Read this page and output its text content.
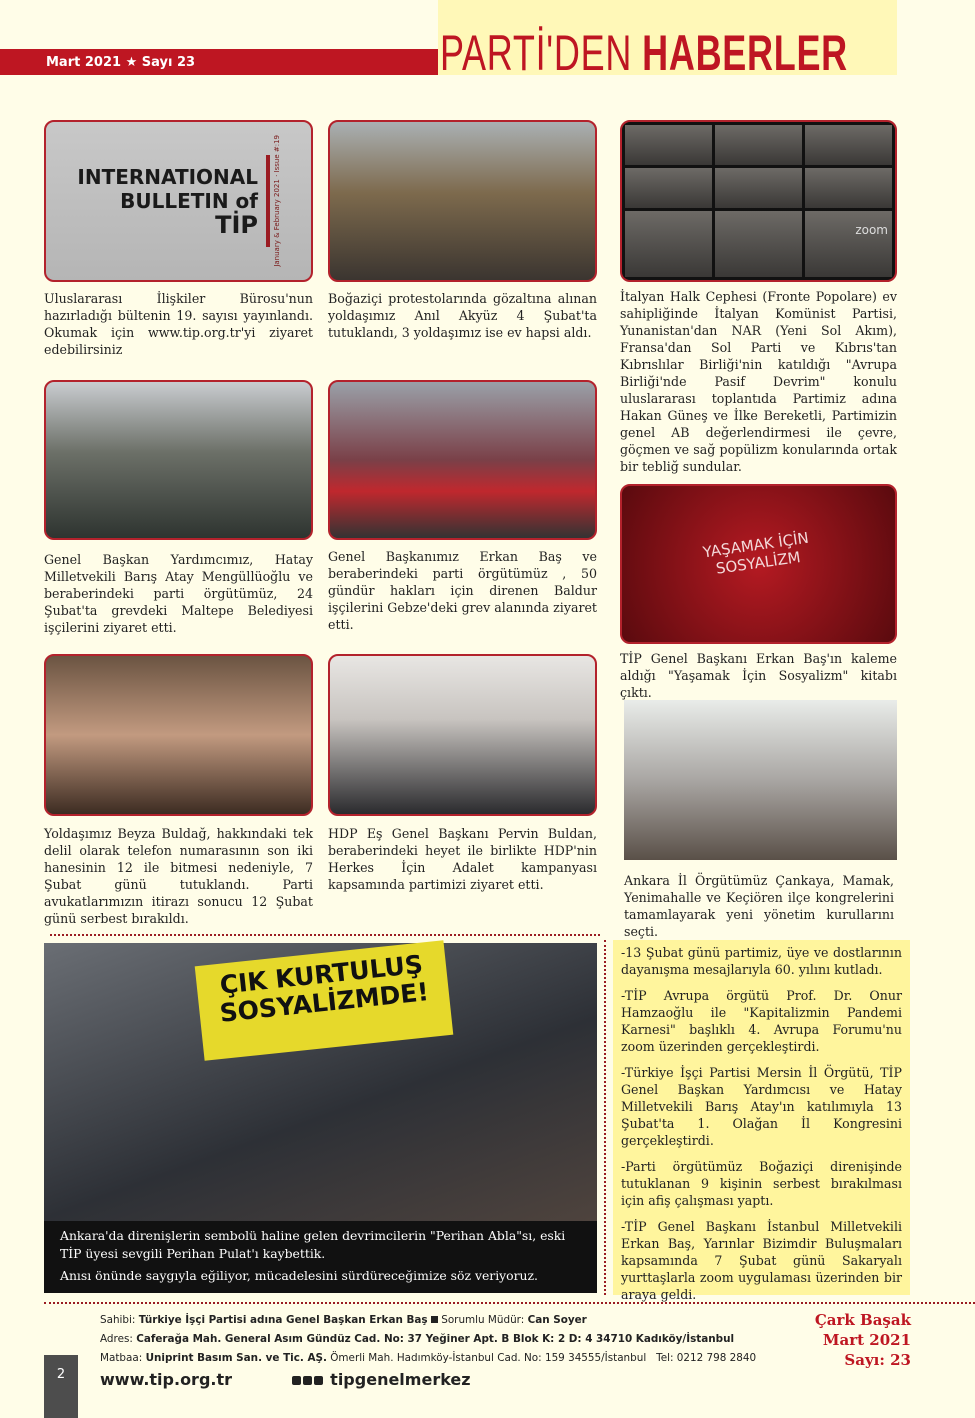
Mart 2021 ★ Sayı 23	PARTİ'DEN HABERLER
INTERNATIONAL
BULLETIN of
TİP January & February 2021 · Issue #:19
zoom

Uluslararası İlişkiler Bürosu'nun hazırladığı bültenin 19. sayısı yayınlandı. Okumak için www.tip.org.tr'yi ziyaret edebilirsiniz

Boğaziçi protestolarında gözaltına alınan yoldaşımız Anıl Akyüz 4 Şubat'ta tutuklandı, 3 yoldaşımız ise ev hapsi aldı.

İtalyan Halk Cephesi (Fronte Popolare) ev sahipliğinde İtalyan Komünist Partisi, Yunanistan'dan NAR (Yeni Sol Akım), Fransa'dan Sol Parti ve Kıbrıs'tan Kıbrıslılar Birliği'nin katıldığı "Avrupa Birliği'nde Pasif Devrim" konulu uluslararası toplantıda Partimiz adına Hakan Güneş ve İlke Bereketli, Partimizin genel AB değerlendirmesi ile çevre, göçmen ve sağ popülizm konularında ortak bir tebliğ sundular.

YAŞAMAK İÇİN SOSYALİZM

Genel Başkan Yardımcımız, Hatay Milletvekili Barış Atay Mengüllüoğlu ve beraberindeki parti örgütümüz, 24 Şubat'ta grevdeki Maltepe Belediyesi işçilerini ziyaret etti.

Genel Başkanımız Erkan Baş ve beraberindeki parti örgütümüz , 50 gündür hakları için direnen Baldur işçilerini Gebze'deki grev alanında ziyaret etti.

TİP Genel Başkanı Erkan Baş'ın kaleme aldığı "Yaşamak İçin Sosyalizm" kitabı çıktı.

Yoldaşımız Beyza Buldağ, hakkındaki tek delil olarak telefon numarasının son iki hanesinin 12 ile bitmesi nedeniyle, 7 Şubat günü tutuklandı. Parti avukatlarımızın itirazı sonucu 12 Şubat günü serbest bırakıldı.

HDP Eş Genel Başkanı Pervin Buldan, beraberindeki heyet ile birlikte HDP'nin Herkes İçin Adalet kampanyası kapsamında partimizi ziyaret etti.	Ankara İl Örgütümüz Çankaya, Mamak, Yenimahalle ve Keçiören ilçe kongrelerini tamamlayarak yeni yönetim kurullarını seçti.

ÇIK KURTULUŞ SOSYALİZMDE!

Ankara'da direnişlerin sembolü haline gelen devrimcilerin "Perihan Abla"sı, eski TİP üyesi sevgili Perihan Pulat'ı kaybettik.

Anısı önünde saygıyla eğiliyor, mücadelesini sürdüreceğimize söz veriyoruz.

-13 Şubat günü partimiz, üye ve dostlarının dayanışma mesajlarıyla 60. yılını kutladı.

-TİP Avrupa örgütü Prof. Dr. Onur Hamzaoğlu ile "Kapitalizmin Pandemi Karnesi" başlıklı 4. Avrupa Forumu'nu zoom üzerinden gerçekleştirdi.

-Türkiye İşçi Partisi Mersin İl Örgütü, TİP Genel Başkan Yardımcısı ve Hatay Milletvekili Barış Atay'ın katılımıyla 13 Şubat'ta 1. Olağan İl Kongresini gerçekleştirdi.

-Parti örgütümüz Boğaziçi direnişinde tutuklanan 9 kişinin serbest bırakılması için afiş çalışması yaptı.

-TİP Genel Başkanı İstanbul Milletvekili Erkan Baş, Yarınlar Bizimdir Buluşmaları kapsamında 7 Şubat günü Sakaryalı yurttaşlarla zoom uygulaması üzerinden bir araya geldi.

Sahibi: Türkiye İşçi Partisi adına Genel Başkan Erkan Baş Sorumlu Müdür: Can Soyer
Adres: Caferağa Mah. General Asım Gündüz Cad. No: 37 Yeğiner Apt. B Blok K: 2 D: 4 34710 Kadıköy/İstanbul
Matbaa: Uniprint Basım San. ve Tic. AŞ. Ömerli Mah. Hadımköy-İstanbul Cad. No: 159 34555/İstanbul Tel: 0212 798 2840
www.tip.org.tr	tipgenelmerkez
Çark Başak
Mart 2021
Sayı: 23
2
